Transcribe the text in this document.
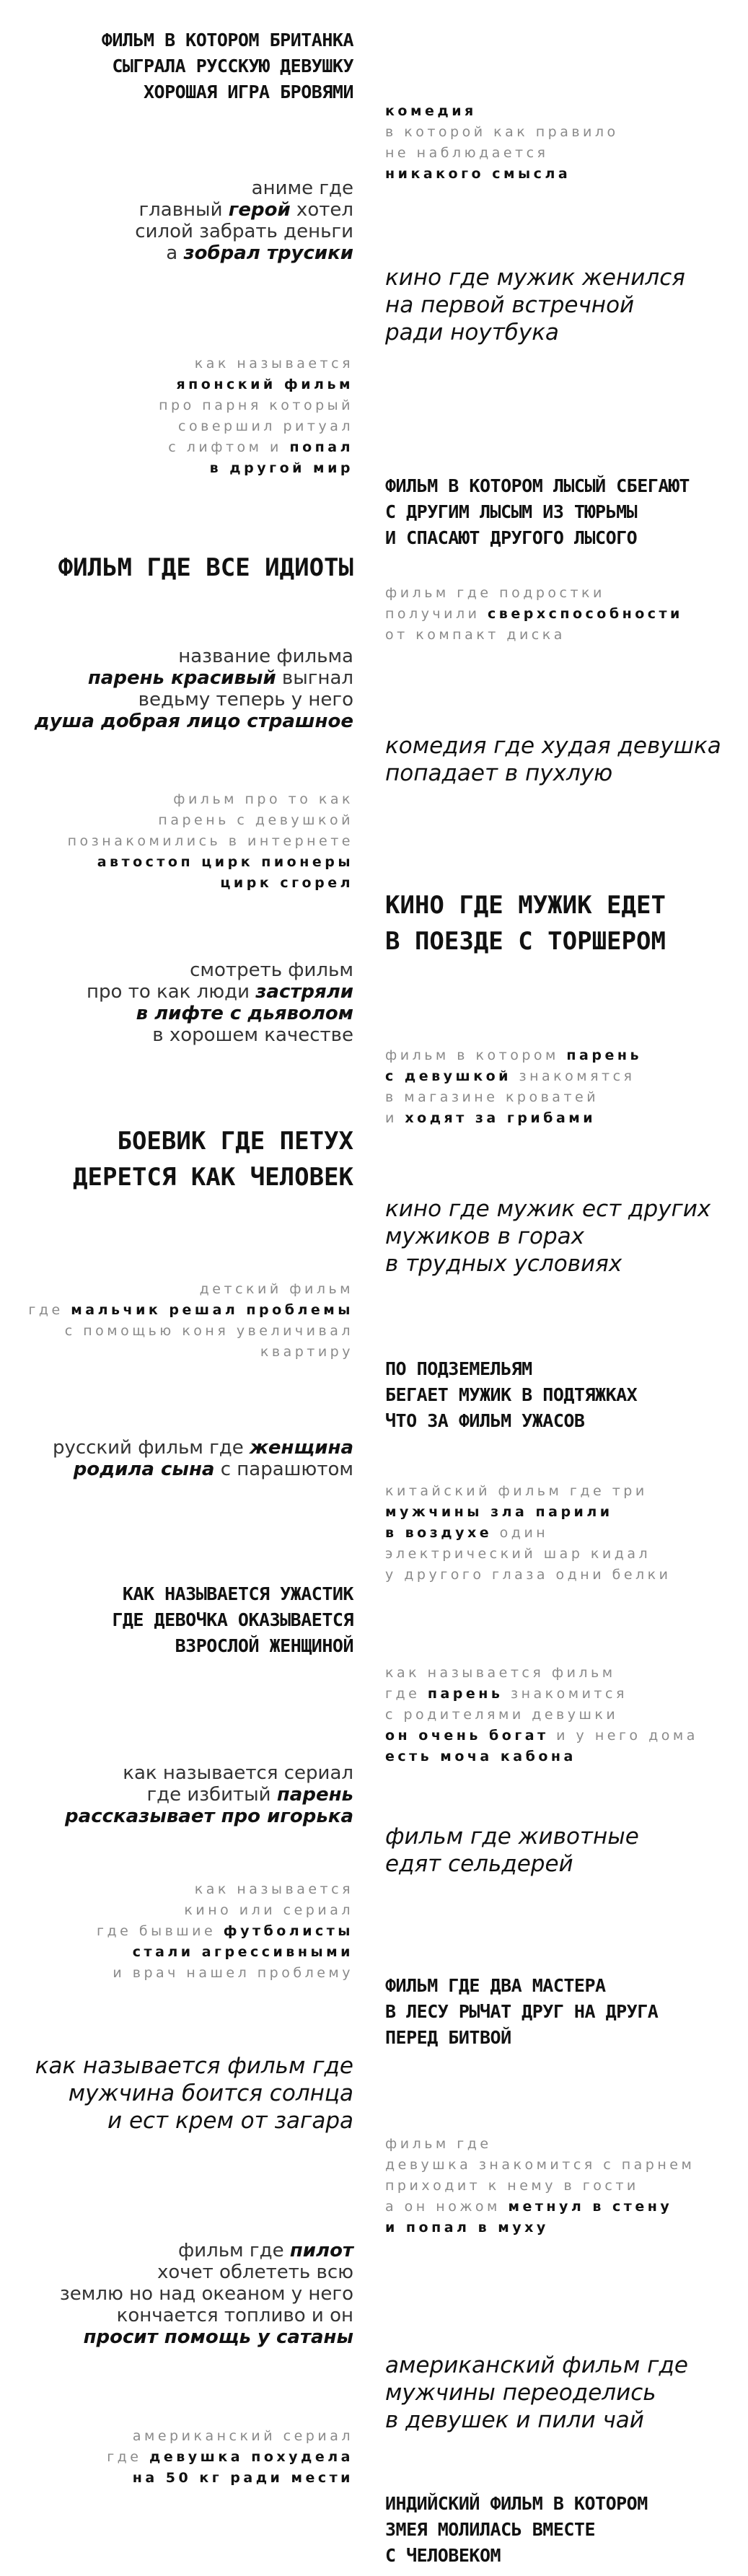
ФИЛЬМ В КОТОРОМ БРИТАНКА
СЫГРАЛА РУССКУЮ ДЕВУШКУ
ХОРОШАЯ ИГРА БРОВЯМИ
аниме где
главный герой хотел
силой забрать деньги
а зобрал трусики
как называется
японский фильм
про парня который
совершил ритуал
с лифтом и попал
в другой мир
ФИЛЬМ ГДЕ ВСЕ ИДИОТЫ
название фильма
парень красивый выгнал
ведьму теперь у него
душа добрая лицо страшное
фильм про то как
парень с девушкой
познакомились в интернете
автостоп цирк пионеры
цирк сгорел
смотреть фильм
про то как люди застряли
в лифте с дьяволом
в хорошем качестве
БОЕВИК ГДЕ ПЕТУХ
ДЕРЕТСЯ КАК ЧЕЛОВЕК
детский фильм
где мальчик решал проблемы
с помощью коня увеличивал
квартиру
русский фильм где женщина
родила сына с парашютом
КАК НАЗЫВАЕТСЯ УЖАСТИК
ГДЕ ДЕВОЧКА ОКАЗЫВАЕТСЯ
ВЗРОСЛОЙ ЖЕНЩИНОЙ
как называется сериал
где избитый парень
рассказывает про игорька
как называется
кино или сериал
где бывшие футболисты
стали агрессивными
и врач нашел проблему
как называется фильм где
мужчина боится солнца
и ест крем от загара
фильм где пилот
хочет облететь всю
землю но над океаном у него
кончается топливо и он
просит помощь у сатаны
американский сериал
где девушка похудела
на 50 кг ради мести
комедия
в которой как правило
не наблюдается
никакого смысла
кино где мужик женился
на первой встречной
ради ноутбука
ФИЛЬМ В КОТОРОМ ЛЫСЫЙ СБЕГАЮТ
С ДРУГИМ ЛЫСЫМ ИЗ ТЮРЬМЫ
И СПАСАЮТ ДРУГОГО ЛЫСОГО
фильм где подростки
получили сверхспособности
от компакт диска
комедия где худая девушка
попадает в пухлую
КИНО ГДЕ МУЖИК ЕДЕТ
В ПОЕЗДЕ С ТОРШЕРОМ
фильм в котором парень
с девушкой знакомятся
в магазине кроватей
и ходят за грибами
кино где мужик ест других
мужиков в горах
в трудных условиях
ПО ПОДЗЕМЕЛЬЯМ
БЕГАЕТ МУЖИК В ПОДТЯЖКАХ
ЧТО ЗА ФИЛЬМ УЖАСОВ
китайский фильм где три
мужчины зла парили
в воздухе один
электрический шар кидал
у другого глаза одни белки
как называется фильм
где парень знакомится
с родителями девушки
он очень богат и у него дома
есть моча кабона
фильм где животные
едят сельдерей
ФИЛЬМ ГДЕ ДВА МАСТЕРА
В ЛЕСУ РЫЧАТ ДРУГ НА ДРУГА
ПЕРЕД БИТВОЙ
фильм где
девушка знакомится с парнем
приходит к нему в гости
а он ножом метнул в стену
и попал в муху
американский фильм где
мужчины переоделись
в девушек и пили чай
ИНДИЙСКИЙ ФИЛЬМ В КОТОРОМ
ЗМЕЯ МОЛИЛАСЬ ВМЕСТЕ
С ЧЕЛОВЕКОМ
